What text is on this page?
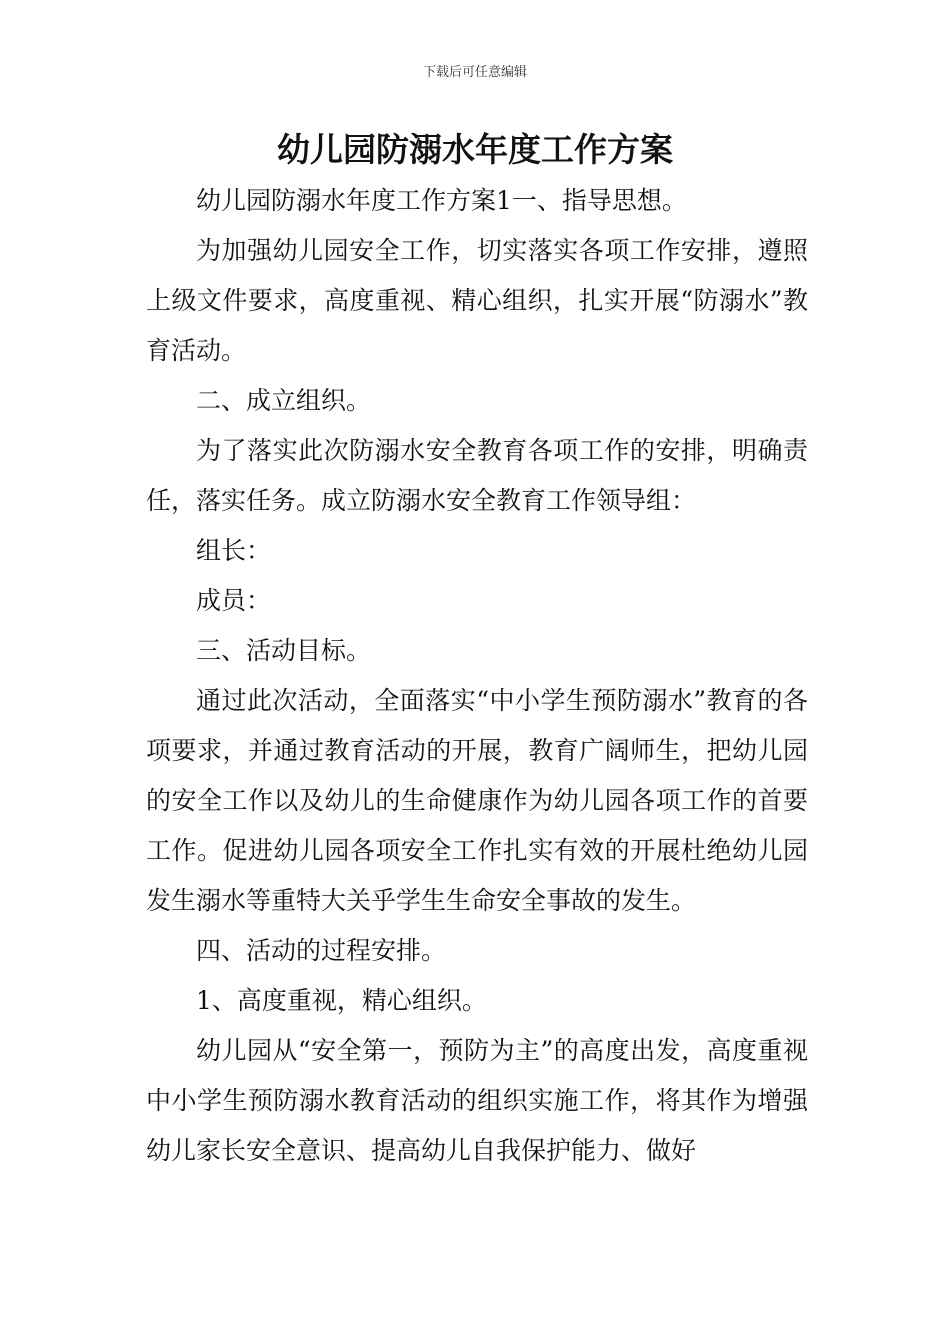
下载后可任意编辑
幼儿园防溺水年度工作方案

幼儿园防溺水年度工作方案1一、指导思想。

为加强幼儿园安全工作，切实落实各项工作安排，遵照上级文件要求，高度重视、精心组织，扎实开展“防溺水”教育活动。

二、成立组织。

为了落实此次防溺水安全教育各项工作的安排，明确责任，落实任务。成立防溺水安全教育工作领导组：

组长：

成员：

三、活动目标。

通过此次活动，全面落实“中小学生预防溺水”教育的各项要求，并通过教育活动的开展，教育广阔师生，把幼儿园的安全工作以及幼儿的生命健康作为幼儿园各项工作的首要工作。促进幼儿园各项安全工作扎实有效的开展杜绝幼儿园发生溺水等重特大关乎学生生命安全事故的发生。

四、活动的过程安排。

1、高度重视，精心组织。

幼儿园从“安全第一，预防为主”的高度出发，高度重视中小学生预防溺水教育活动的组织实施工作，将其作为增强幼儿家长安全意识、提高幼儿自我保护能力、做好
